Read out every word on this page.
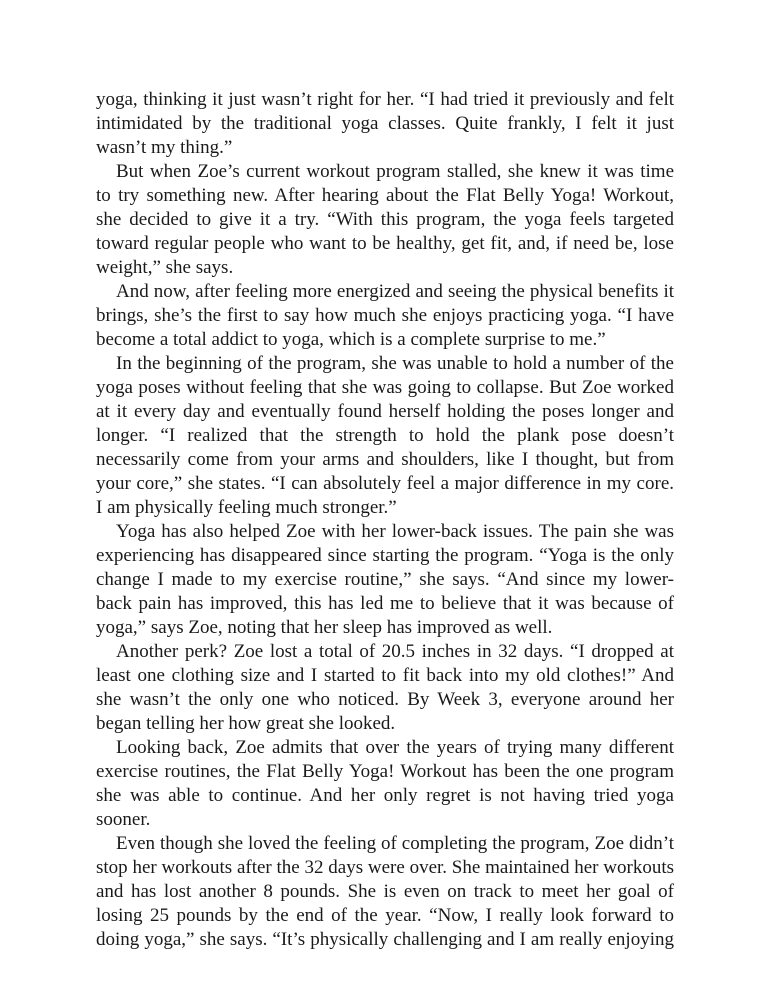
yoga, thinking it just wasn’t right for her. “I had tried it previously and felt intimidated by the traditional yoga classes. Quite frankly, I felt it just wasn’t my thing.”

But when Zoe’s current workout program stalled, she knew it was time to try something new. After hearing about the Flat Belly Yoga! Workout, she decided to give it a try. “With this program, the yoga feels targeted toward regular people who want to be healthy, get fit, and, if need be, lose weight,” she says.

And now, after feeling more energized and seeing the physical benefits it brings, she’s the first to say how much she enjoys practicing yoga. “I have become a total addict to yoga, which is a complete surprise to me.”

In the beginning of the program, she was unable to hold a number of the yoga poses without feeling that she was going to collapse. But Zoe worked at it every day and eventually found herself holding the poses longer and longer. “I realized that the strength to hold the plank pose doesn’t necessarily come from your arms and shoulders, like I thought, but from your core,” she states. “I can absolutely feel a major difference in my core. I am physically feeling much stronger.”

Yoga has also helped Zoe with her lower-back issues. The pain she was experiencing has disappeared since starting the program. “Yoga is the only change I made to my exercise routine,” she says. “And since my lower-back pain has improved, this has led me to believe that it was because of yoga,” says Zoe, noting that her sleep has improved as well.

Another perk? Zoe lost a total of 20.5 inches in 32 days. “I dropped at least one clothing size and I started to fit back into my old clothes!” And she wasn’t the only one who noticed. By Week 3, everyone around her began telling her how great she looked.

Looking back, Zoe admits that over the years of trying many different exercise routines, the Flat Belly Yoga! Workout has been the one program she was able to continue. And her only regret is not having tried yoga sooner.

Even though she loved the feeling of completing the program, Zoe didn’t stop her workouts after the 32 days were over. She maintained her workouts and has lost another 8 pounds. She is even on track to meet her goal of losing 25 pounds by the end of the year. “Now, I really look forward to doing yoga,” she says. “It’s physically challenging and I am really enjoying
